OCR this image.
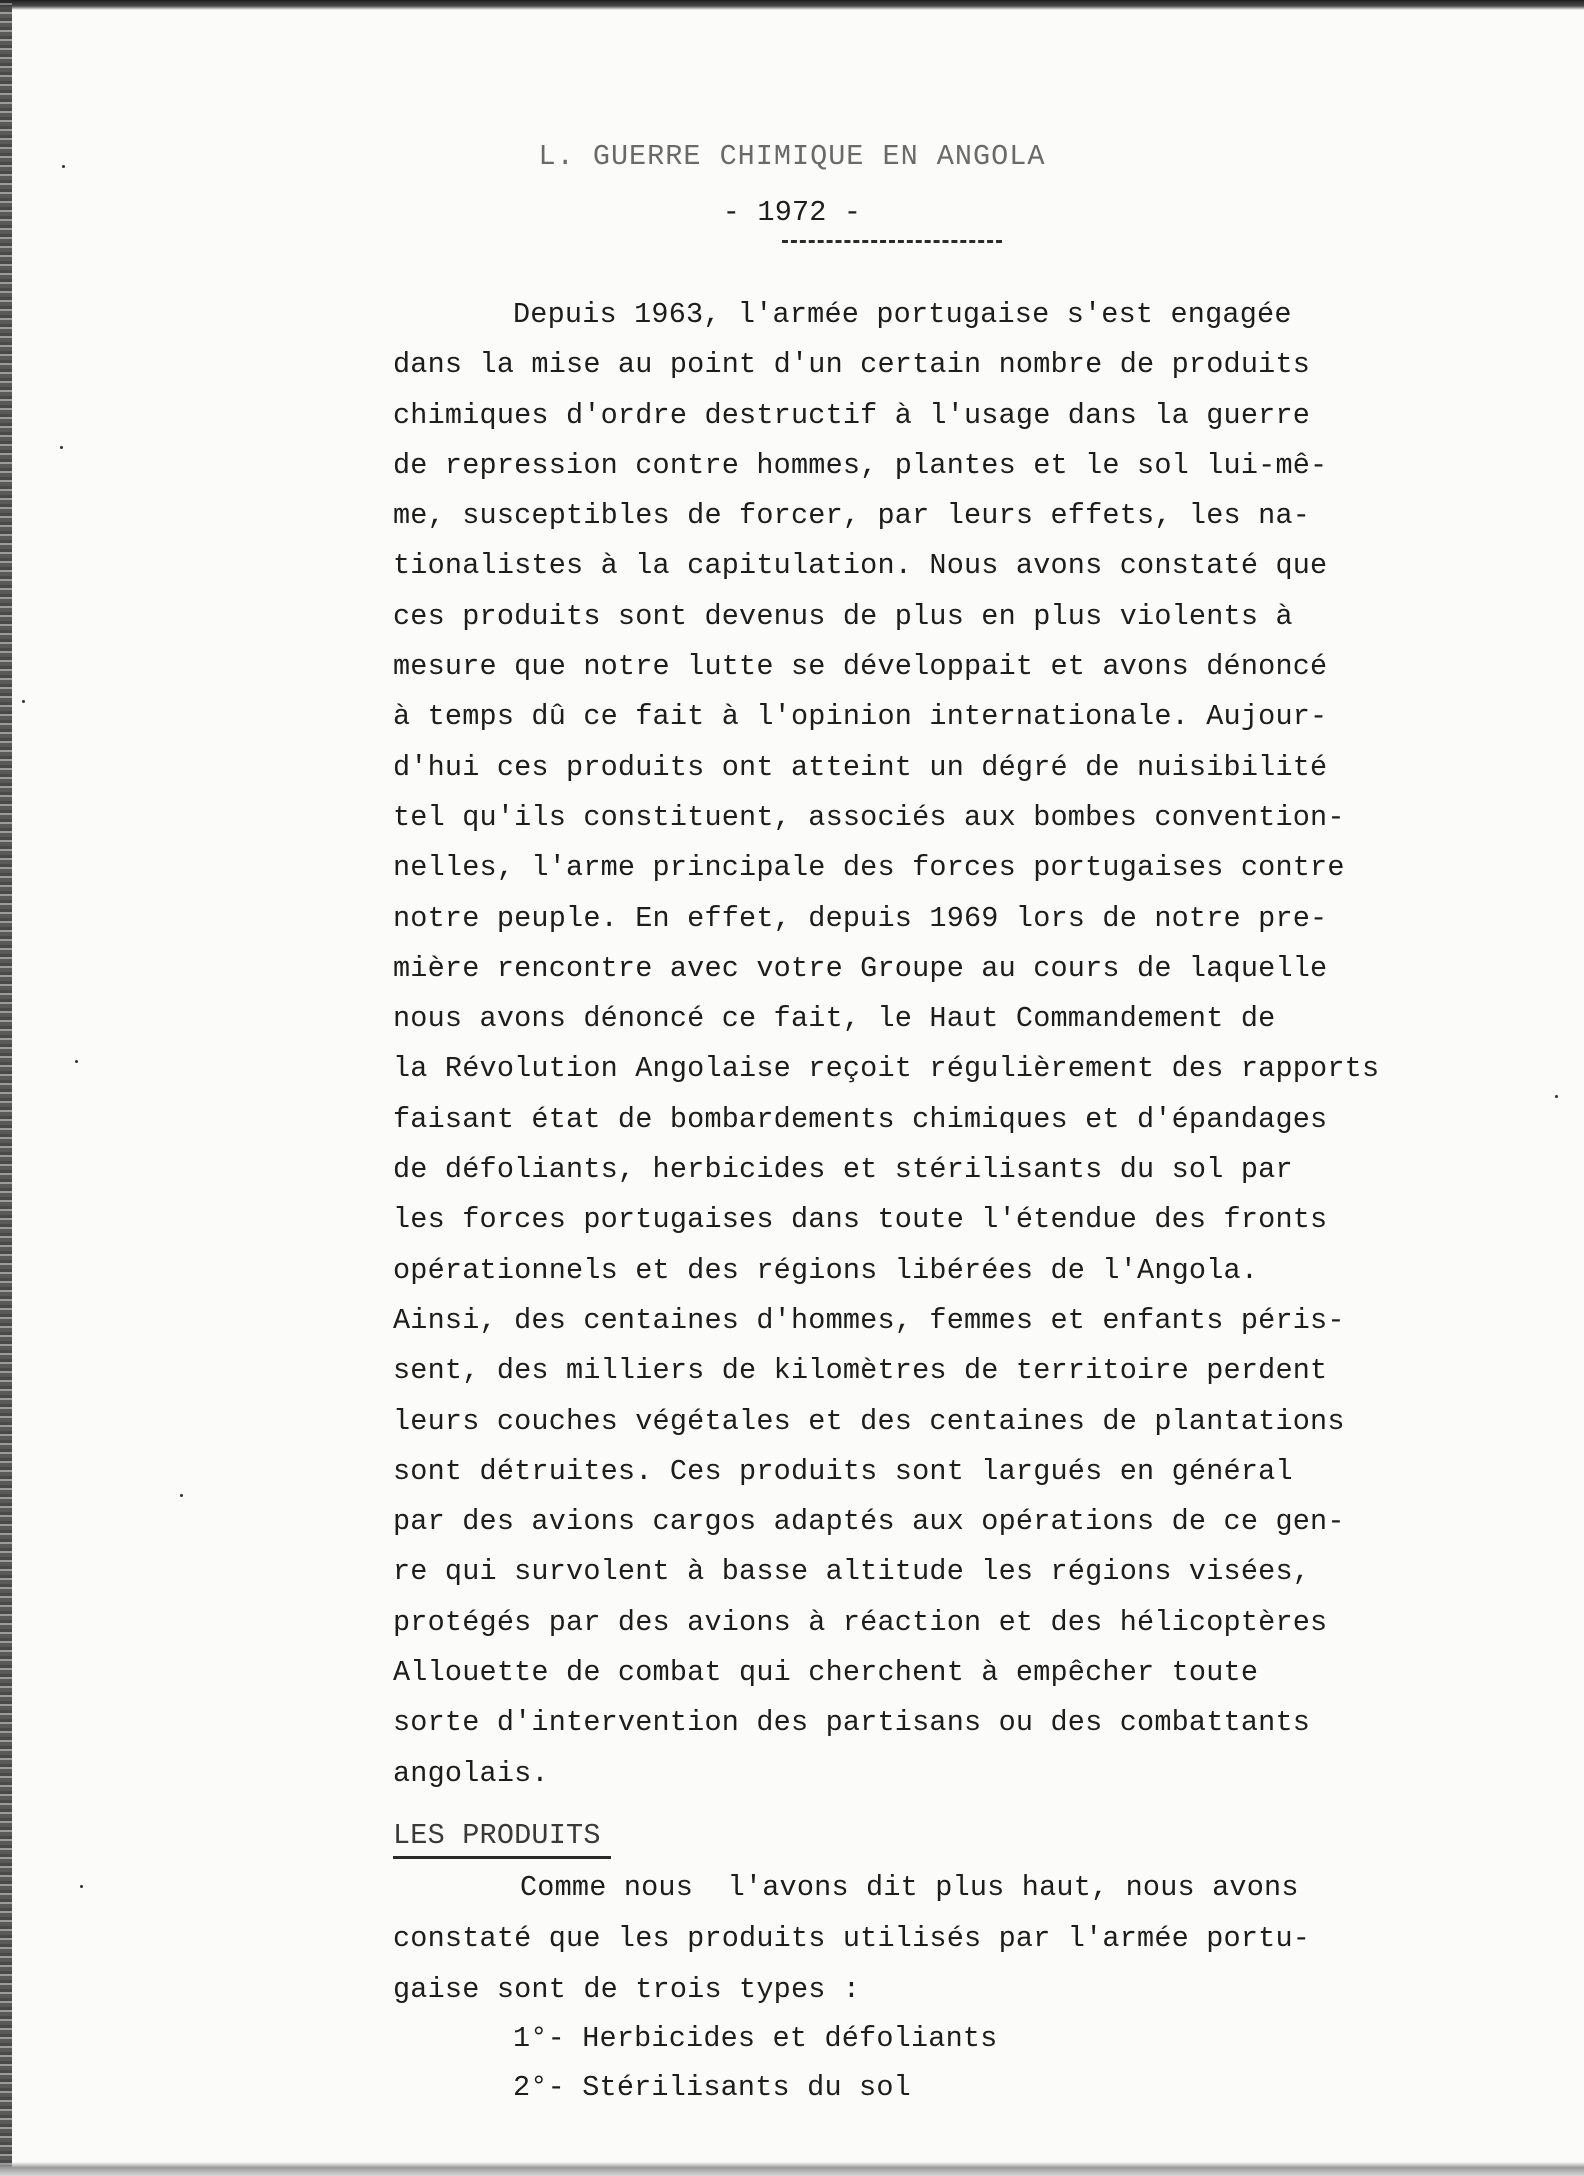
L. GUERRE CHIMIQUE EN ANGOLA
- 1972 -
Depuis 1963, l'armée portugaise s'est engagée
dans la mise au point d'un certain nombre de produits
chimiques d'ordre destructif à l'usage dans la guerre
de repression contre hommes, plantes et le sol lui-mê-
me, susceptibles de forcer, par leurs effets, les na-
tionalistes à la capitulation. Nous avons constaté que
ces produits sont devenus de plus en plus violents à
mesure que notre lutte se développait et avons dénoncé
à temps dû ce fait à l'opinion internationale. Aujour-
d'hui ces produits ont atteint un dégré de nuisibilité
tel qu'ils constituent, associés aux bombes convention-
nelles, l'arme principale des forces portugaises contre
notre peuple. En effet, depuis 1969 lors de notre pre-
mière rencontre avec votre Groupe au cours de laquelle
nous avons dénoncé ce fait, le Haut Commandement de
la Révolution Angolaise reçoit régulièrement des rapports
faisant état de bombardements chimiques et d'épandages
de défoliants, herbicides et stérilisants du sol par
les forces portugaises dans toute l'étendue des fronts
opérationnels et des régions libérées de l'Angola.
Ainsi, des centaines d'hommes, femmes et enfants péris-
sent, des milliers de kilomètres de territoire perdent
leurs couches végétales et des centaines de plantations
sont détruites. Ces produits sont largués en général
par des avions cargos adaptés aux opérations de ce gen-
re qui survolent à basse altitude les régions visées,
protégés par des avions à réaction et des hélicoptères
Allouette de combat qui cherchent à empêcher toute
sorte d'intervention des partisans ou des combattants
angolais.
LES PRODUITS
Comme nous  l'avons dit plus haut, nous avons
constaté que les produits utilisés par l'armée portu-
gaise sont de trois types :
1°- Herbicides et défoliants
2°- Stérilisants du sol
